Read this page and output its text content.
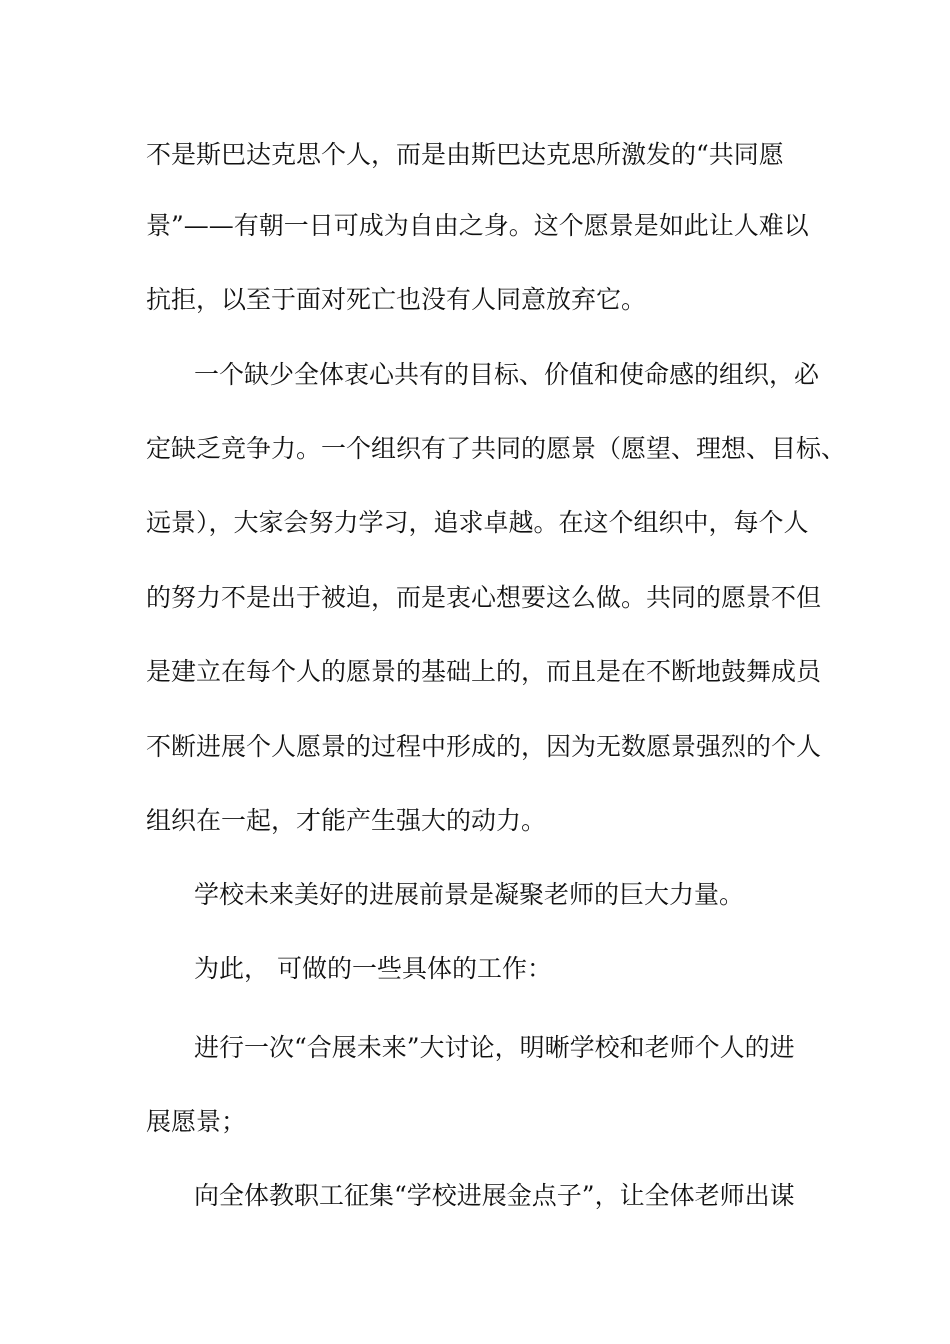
不是斯巴达克思个人，而是由斯巴达克思所激发的“共同愿

景”——有朝一日可成为自由之身。这个愿景是如此让人难以

抗拒，以至于面对死亡也没有人同意放弃它。

一个缺少全体衷心共有的目标、价值和使命感的组织，必

定缺乏竞争力。一个组织有了共同的愿景（愿望、理想、目标、

远景），大家会努力学习，追求卓越。在这个组织中，每个人

的努力不是出于被迫，而是衷心想要这么做。共同的愿景不但

是建立在每个人的愿景的基础上的，而且是在不断地鼓舞成员

不断进展个人愿景的过程中形成的，因为无数愿景强烈的个人

组织在一起，才能产生强大的动力。

学校未来美好的进展前景是凝聚老师的巨大力量。

为此， 可做的一些具体的工作：

进行一次“合展未来”大讨论，明晰学校和老师个人的进

展愿景；

向全体教职工征集“学校进展金点子”，让全体老师出谋
